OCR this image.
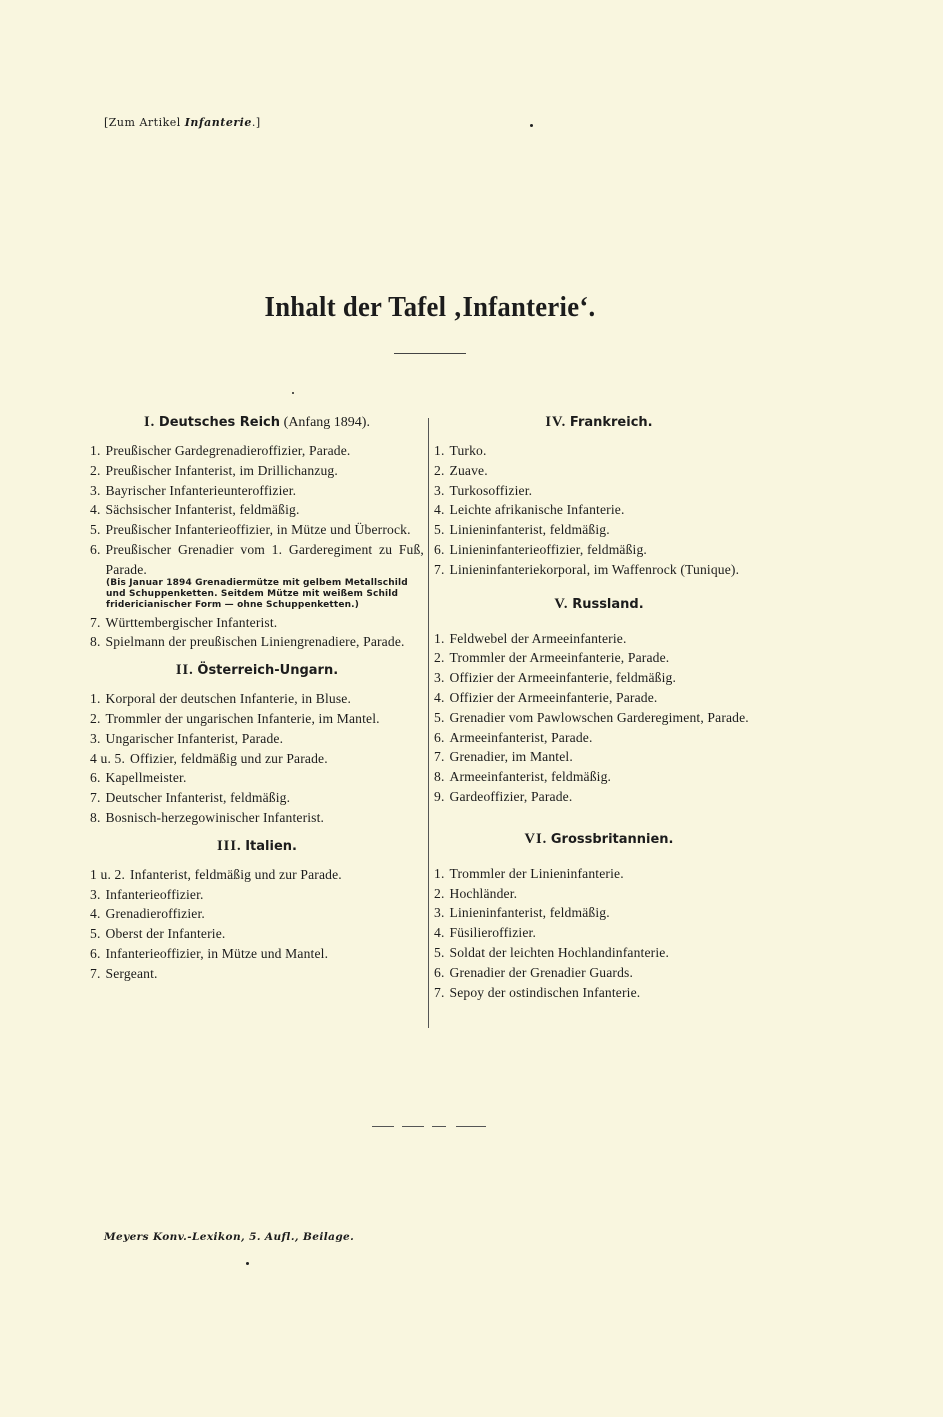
[Zum Artikel Infanterie.]
Inhalt der Tafel ‚Infanterie‘.
I. Deutsches Reich (Anfang 1894).
1. Preußischer Gardegrenadieroffizier, Parade.
2. Preußischer Infanterist, im Drillichanzug.
3. Bayrischer Infanterieunteroffizier.
4. Sächsischer Infanterist, feldmäßig.
5. Preußischer Infanterieoffizier, in Mütze und Überrock.
6. Preußischer Grenadier vom 1. Garderegiment zu Fuß, Parade.
(Bis Januar 1894 Grenadiermütze mit gelbem Metallschild und Schuppenketten. Seitdem Mütze mit weißem Schild fridericianischer Form — ohne Schuppenketten.)
7. Württembergischer Infanterist.
8. Spielmann der preußischen Liniengrenadiere, Parade.
II. Österreich-Ungarn.
1. Korporal der deutschen Infanterie, in Bluse.
2. Trommler der ungarischen Infanterie, im Mantel.
3. Ungarischer Infanterist, Parade.
4 u. 5. Offizier, feldmäßig und zur Parade.
6. Kapellmeister.
7. Deutscher Infanterist, feldmäßig.
8. Bosnisch-herzegowinischer Infanterist.
III. Italien.
1 u. 2. Infanterist, feldmäßig und zur Parade.
3. Infanterieoffizier.
4. Grenadieroffizier.
5. Oberst der Infanterie.
6. Infanterieoffizier, in Mütze und Mantel.
7. Sergeant.
IV. Frankreich.
1. Turko.
2. Zuave.
3. Turkosoffizier.
4. Leichte afrikanische Infanterie.
5. Linieninfanterist, feldmäßig.
6. Linieninfanterieoffizier, feldmäßig.
7. Linieninfanteriekorporal, im Waffenrock (Tunique).
V. Russland.
1. Feldwebel der Armeeinfanterie.
2. Trommler der Armeeinfanterie, Parade.
3. Offizier der Armeeinfanterie, feldmäßig.
4. Offizier der Armeeinfanterie, Parade.
5. Grenadier vom Pawlowschen Garderegiment, Parade.
6. Armeeinfanterist, Parade.
7. Grenadier, im Mantel.
8. Armeeinfanterist, feldmäßig.
9. Gardeoffizier, Parade.
VI. Grossbritannien.
1. Trommler der Linieninfanterie.
2. Hochländer.
3. Linieninfanterist, feldmäßig.
4. Füsilieroffizier.
5. Soldat der leichten Hochlandinfanterie.
6. Grenadier der Grenadier Guards.
7. Sepoy der ostindischen Infanterie.
Meyers Konv.-Lexikon, 5. Aufl., Beilage.
